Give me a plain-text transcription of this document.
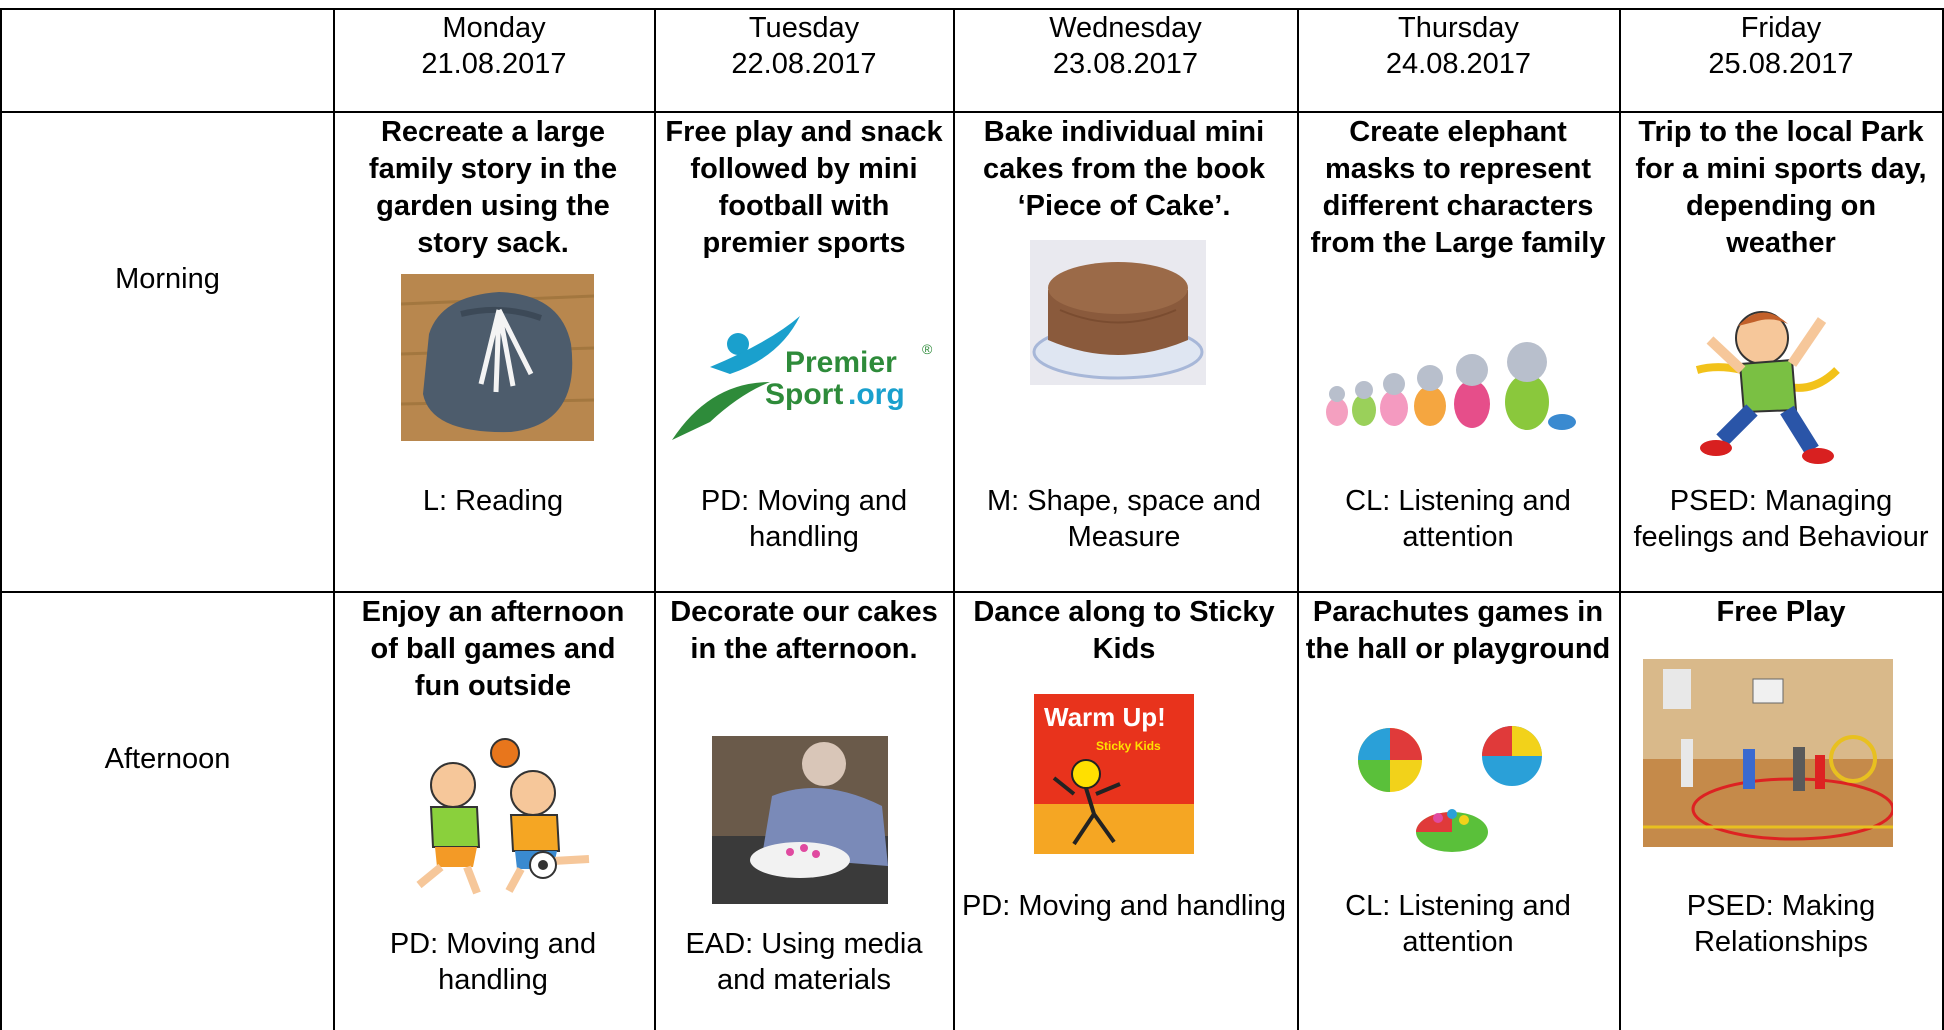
Monday
21.08.2017
Tuesday
22.08.2017
Wednesday
23.08.2017
Thursday
24.08.2017
Friday
25.08.2017
Morning
Afternoon
Recreate a large family story in the garden using the story sack.
L: Reading
Free play and snack followed by mini football with premier sports
Premier
Sport .org
®
PD: Moving and handling
Bake individual mini cakes from the book ‘Piece of Cake’.
M: Shape, space and Measure
Create elephant masks to represent different characters from the Large family
CL: Listening and attention
Trip to the local Park for a mini sports day, depending on weather
PSED: Managing feelings and Behaviour
Enjoy an afternoon of ball games and fun outside
PD: Moving and handling
Decorate our cakes in the afternoon.
EAD: Using media and materials
Dance along to Sticky Kids
Warm Up!
Sticky Kids
PD: Moving and handling
Parachutes games in the hall or playground
CL: Listening and attention
Free Play
PSED: Making Relationships
